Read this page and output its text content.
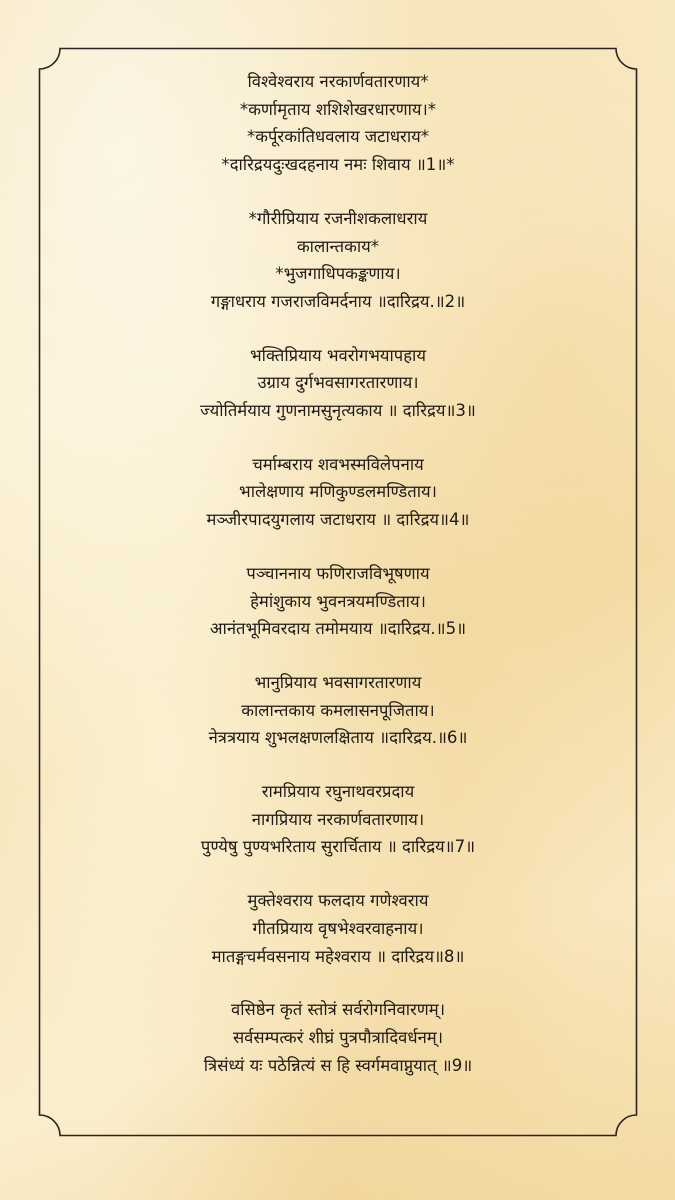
विश्वेश्वराय नरकार्णवतारणाय*
*कर्णामृताय शशिशेखरधारणाय।*
*कर्पूरकांतिधवलाय जटाधराय*
*दारिद्रयदुःखदहनाय नमः शिवाय ॥1॥*
*गौरीप्रियाय रजनीशकलाधराय
कालान्तकाय*
*भुजगाधिपकङ्कणाय।
गङ्गाधराय गजराजविमर्दनाय ॥दारिद्रय.॥2॥
भक्तिप्रियाय भवरोगभयापहाय
उग्राय दुर्गभवसागरतारणाय।
ज्योतिर्मयाय गुणनामसुनृत्यकाय ॥ दारिद्रय॥3॥
चर्माम्बराय शवभस्मविलेपनाय
भालेक्षणाय मणिकुण्डलमण्डिताय।
मञ्जीरपादयुगलाय जटाधराय ॥ दारिद्रय॥4॥
पञ्चाननाय फणिराजविभूषणाय
हेमांशुकाय भुवनत्रयमण्डिताय।
आनंतभूमिवरदाय तमोमयाय ॥दारिद्रय.॥5॥
भानुप्रियाय भवसागरतारणाय
कालान्तकाय कमलासनपूजिताय।
नेत्रत्रयाय शुभलक्षणलक्षिताय ॥दारिद्रय.॥6॥
रामप्रियाय रघुनाथवरप्रदाय
नागप्रियाय नरकार्णवतारणाय।
पुण्येषु पुण्यभरिताय सुरार्चिताय ॥ दारिद्रय॥7॥
मुक्तेश्वराय फलदाय गणेश्वराय
गीतप्रियाय वृषभेश्वरवाहनाय।
मातङ्गचर्मवसनाय महेश्वराय ॥ दारिद्रय॥8॥
वसिष्ठेन कृतं स्तोत्रं सर्वरोगनिवारणम्।
सर्वसम्पत्करं शीघ्रं पुत्रपौत्रादिवर्धनम्।
त्रिसंध्यं यः पठेन्नित्यं स हि स्वर्गमवाप्नुयात् ॥9॥
